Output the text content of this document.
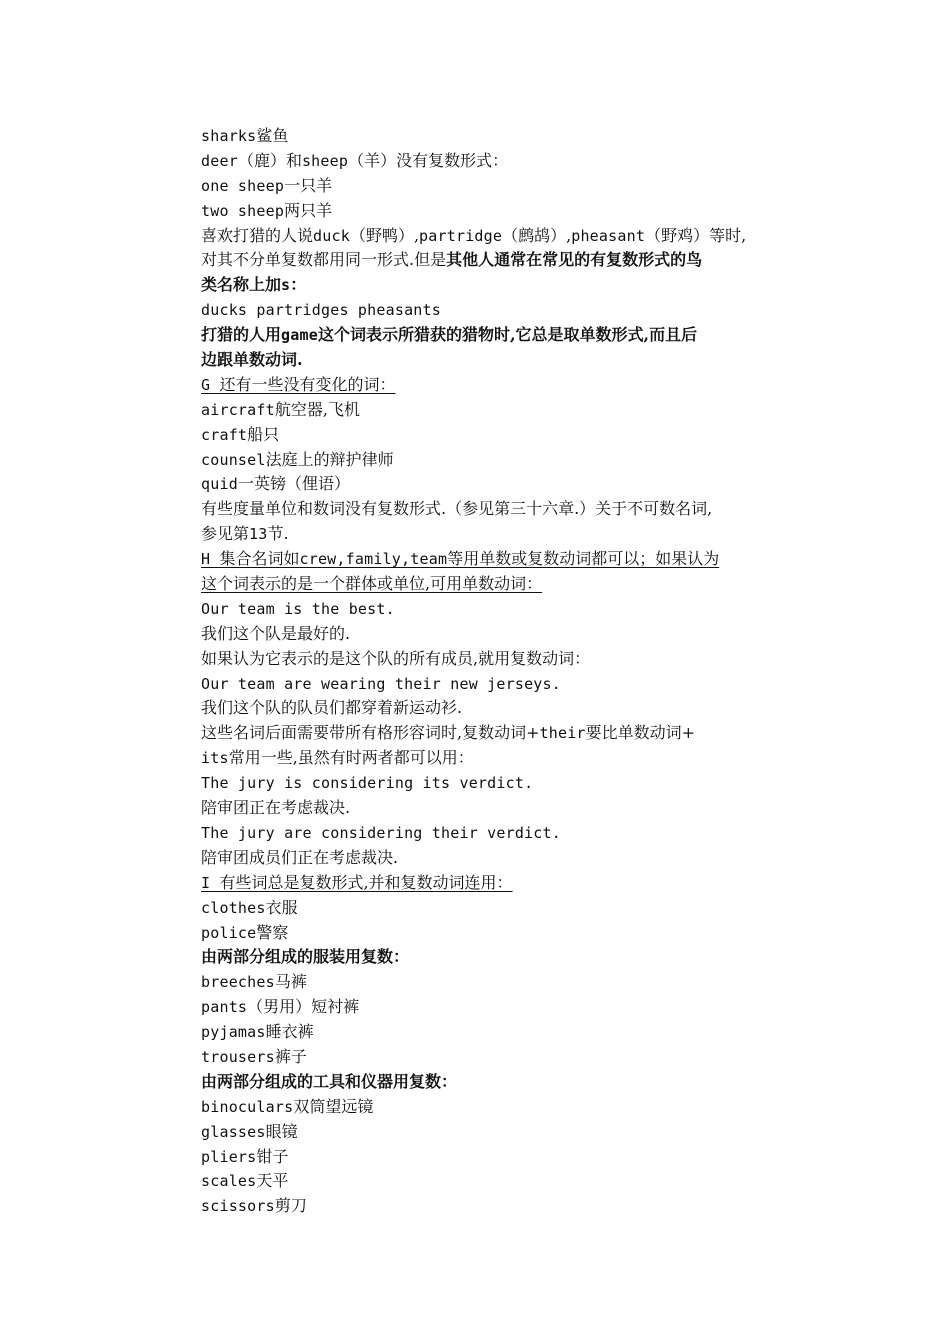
sharks鲨鱼
deer（鹿）和sheep（羊）没有复数形式：
one sheep一只羊
two sheep两只羊
喜欢打猎的人说duck（野鸭）,partridge（鹧鸪）,pheasant（野鸡）等时,
对其不分单复数都用同一形式.但是其他人通常在常见的有复数形式的鸟
类名称上加s：
ducks partridges pheasants
打猎的人用game这个词表示所猎获的猎物时,它总是取单数形式,而且后
边跟单数动词.
G 还有一些没有变化的词：
aircraft航空器,飞机
craft船只
counsel法庭上的辩护律师
quid一英镑（俚语）
有些度量单位和数词没有复数形式.（参见第三十六章.）关于不可数名词,
参见第13节.
H 集合名词如crew,family,team等用单数或复数动词都可以；如果认为
这个词表示的是一个群体或单位,可用单数动词：
Our team is the best.
我们这个队是最好的.
如果认为它表示的是这个队的所有成员,就用复数动词：
Our team are wearing their new jerseys.
我们这个队的队员们都穿着新运动衫.
这些名词后面需要带所有格形容词时,复数动词+their要比单数动词+
its常用一些,虽然有时两者都可以用：
The jury is considering its verdict.
陪审团正在考虑裁决.
The jury are considering their verdict.
陪审团成员们正在考虑裁决.
I 有些词总是复数形式,并和复数动词连用：
clothes衣服
police警察
由两部分组成的服装用复数：
breeches马裤
pants（男用）短衬裤
pyjamas睡衣裤
trousers裤子
由两部分组成的工具和仪器用复数：
binoculars双筒望远镜
glasses眼镜
pliers钳子
scales天平
scissors剪刀
